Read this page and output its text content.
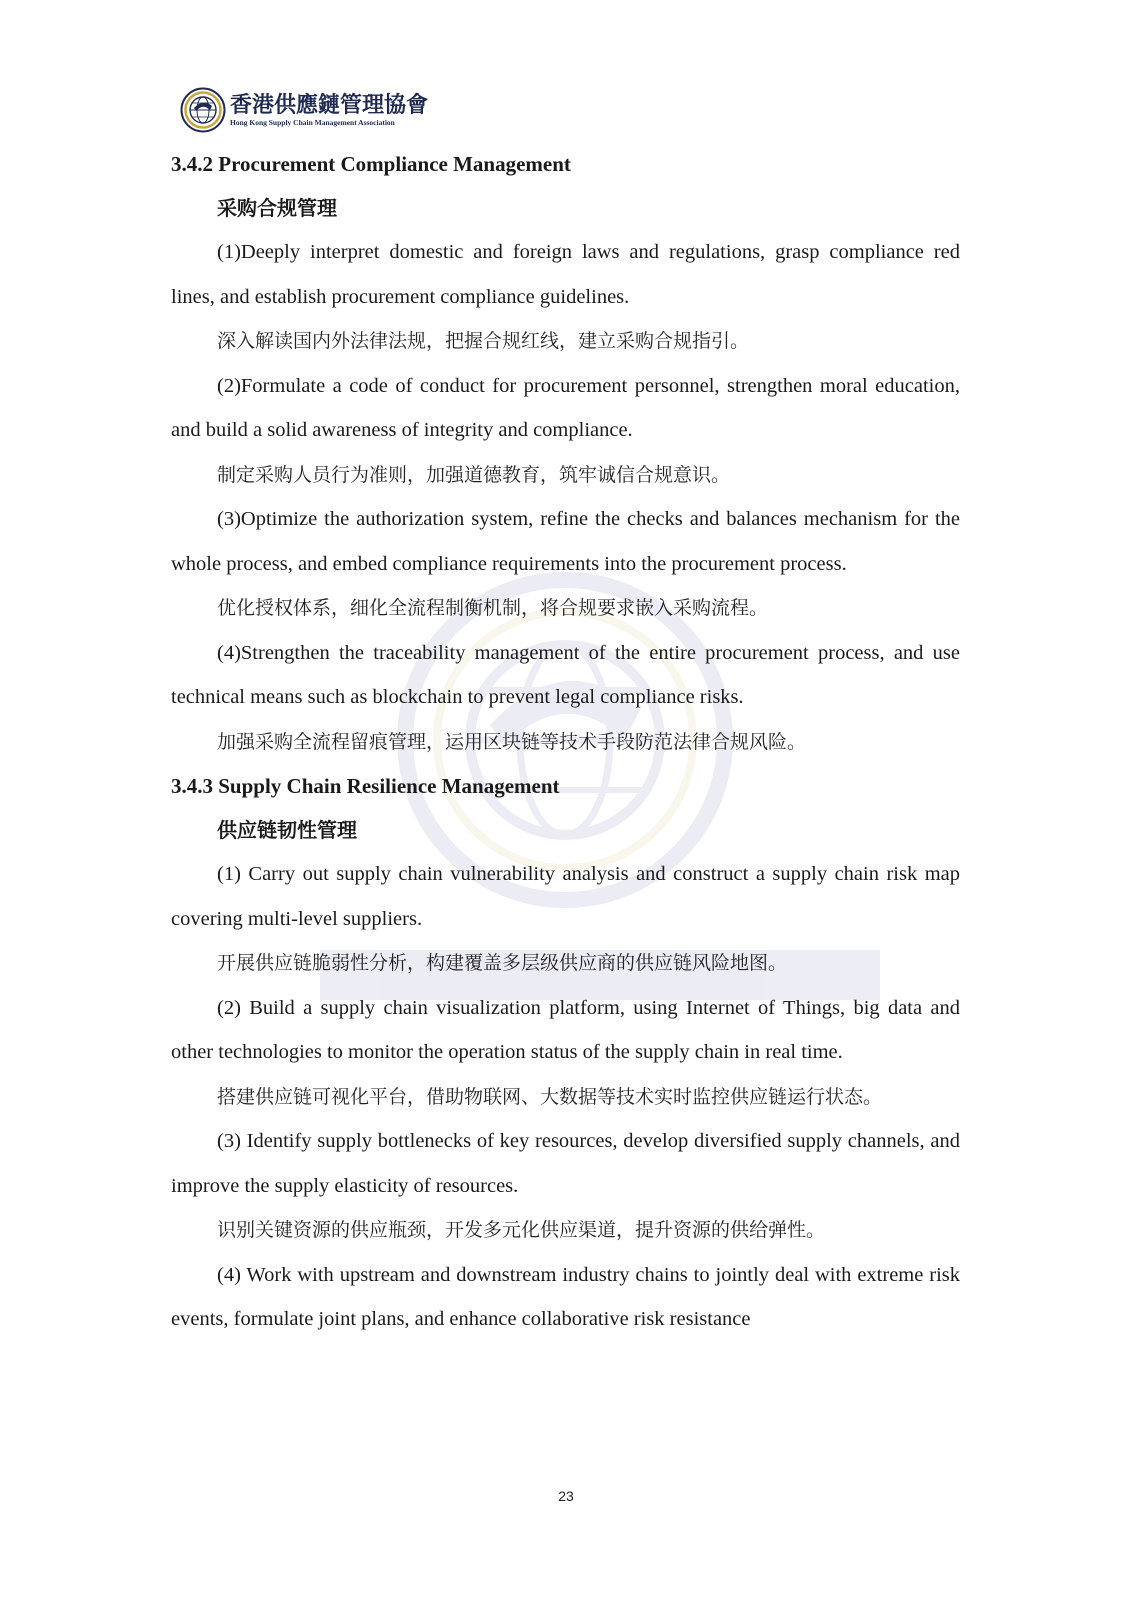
香港供應鏈管理協會
Hong Kong Supply Chain Management Association
3.4.2 Procurement Compliance Management
采购合规管理

(1)Deeply interpret domestic and foreign laws and regulations, grasp compliance red lines, and establish procurement compliance guidelines.

深入解读国内外法律法规，把握合规红线，建立采购合规指引。

(2)Formulate a code of conduct for procurement personnel, strengthen moral education, and build a solid awareness of integrity and compliance.

制定采购人员行为准则，加强道德教育，筑牢诚信合规意识。

(3)Optimize the authorization system, refine the checks and balances mechanism for the whole process, and embed compliance requirements into the procurement process.

优化授权体系，细化全流程制衡机制，将合规要求嵌入采购流程。

(4)Strengthen the traceability management of the entire procurement process, and use technical means such as blockchain to prevent legal compliance risks.

加强采购全流程留痕管理，运用区块链等技术手段防范法律合规风险。

3.4.3 Supply Chain Resilience Management
供应链韧性管理

(1) Carry out supply chain vulnerability analysis and construct a supply chain risk map covering multi-level suppliers.

开展供应链脆弱性分析，构建覆盖多层级供应商的供应链风险地图。

(2) Build a supply chain visualization platform, using Internet of Things, big data and other technologies to monitor the operation status of the supply chain in real time.

搭建供应链可视化平台，借助物联网、大数据等技术实时监控供应链运行状态。

(3) Identify supply bottlenecks of key resources, develop diversified supply channels, and improve the supply elasticity of resources.

识别关键资源的供应瓶颈，开发多元化供应渠道，提升资源的供给弹性。

(4) Work with upstream and downstream industry chains to jointly deal with extreme risk events, formulate joint plans, and enhance collaborative risk resistance

23
